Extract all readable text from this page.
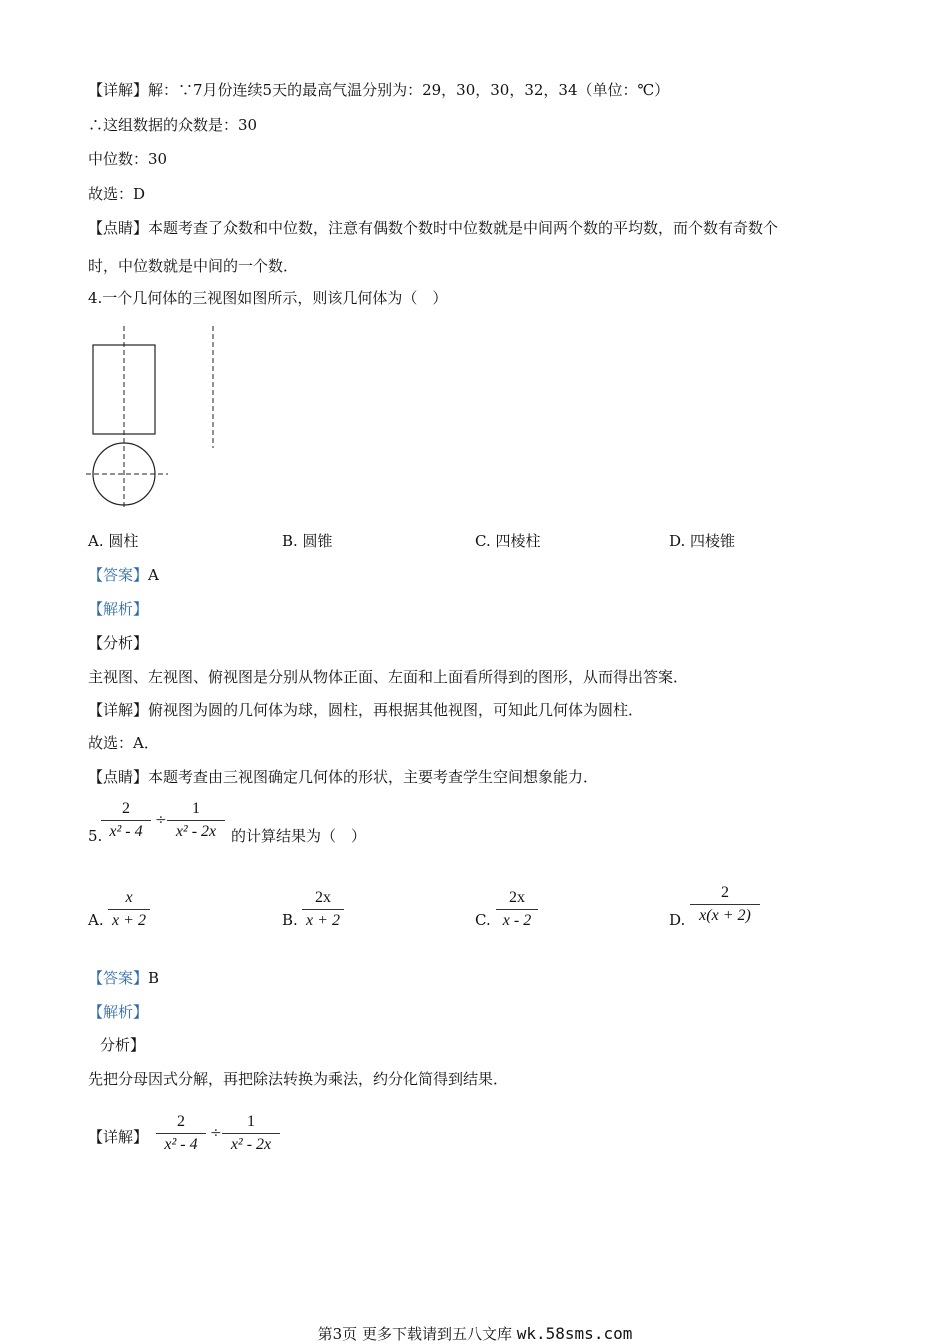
【详解】解：∵7月份连续5天的最高气温分别为：29，30，30，32，34（单位：℃）
∴这组数据的众数是：30
中位数：30
故选：D
【点睛】本题考查了众数和中位数，注意有偶数个数时中位数就是中间两个数的平均数，而个数有奇数个
时，中位数就是中间的一个数．
4.一个几何体的三视图如图所示，则该几何体为（　）
A. 圆柱	B. 圆锥	C. 四棱柱	D. 四棱锥
【答案】A
【解析】
【分析】
主视图、左视图、俯视图是分别从物体正面、左面和上面看所得到的图形，从而得出答案．
【详解】俯视图为圆的几何体为球，圆柱，再根据其他视图，可知此几何体为圆柱．
故选：A．
【点睛】本题考查由三视图确定几何体的形状，主要考查学生空间想象能力．
5.
2
x² - 4
÷
1
x² - 2x 的计算结果为（　）
A.
x
x + 2	B.
2x
x + 2	C.
2x
x - 2	D.
2
x(x + 2)
【答案】B
【解析】
分析】
先把分母因式分解，再把除法转换为乘法，约分化简得到结果．
【详解】
2
x² - 4
÷
1
x² - 2x
第3页 更多下载请到五八文库 wk.58sms.com
